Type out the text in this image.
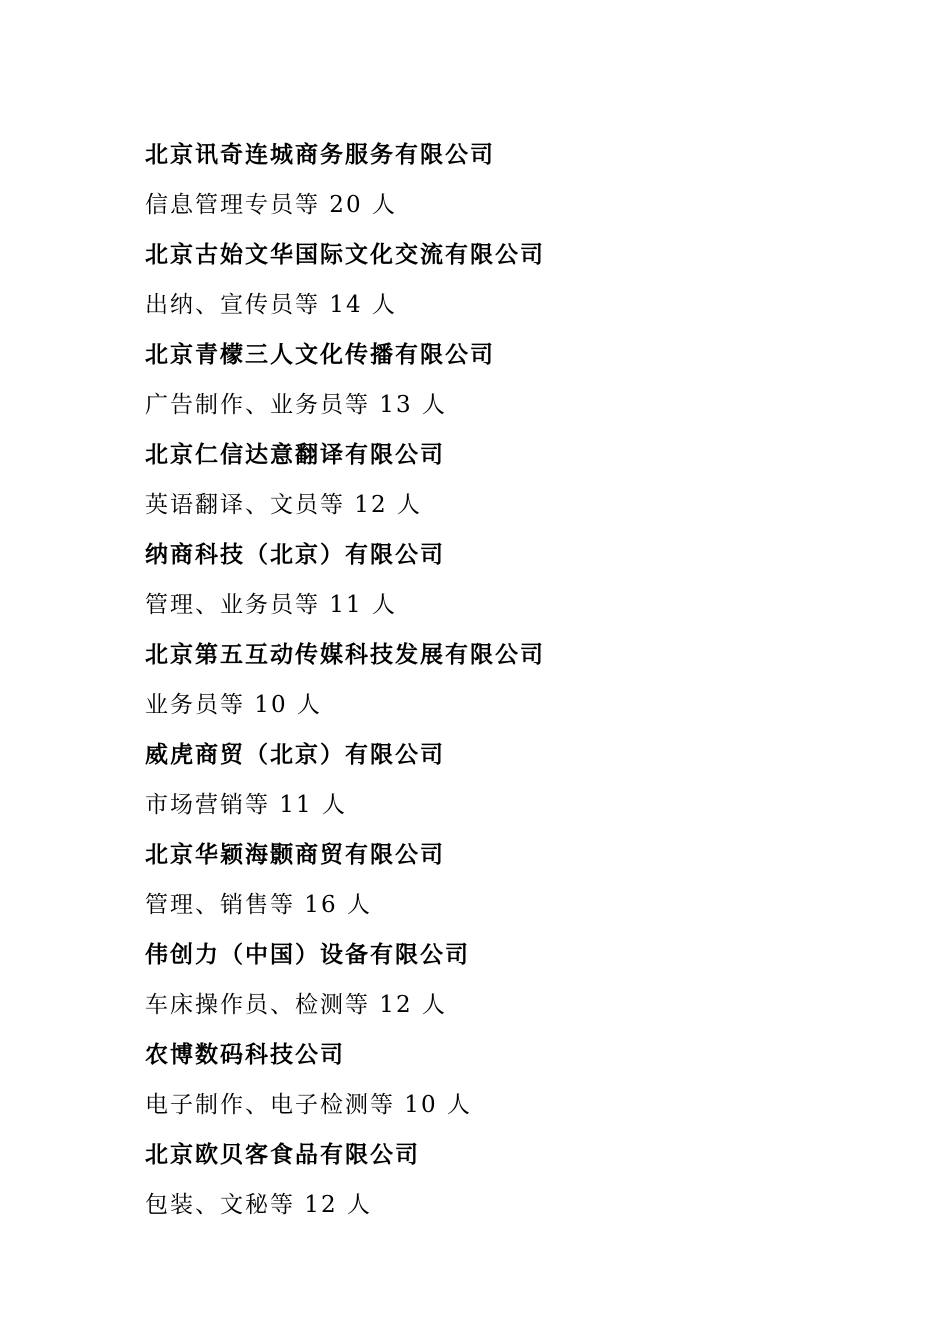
北京讯奇连城商务服务有限公司
信息管理专员等 20 人
北京古始文华国际文化交流有限公司
出纳、宣传员等 14 人
北京青檬三人文化传播有限公司
广告制作、业务员等 13 人
北京仁信达意翻译有限公司
英语翻译、文员等 12 人
纳商科技（北京）有限公司
管理、业务员等 11 人
北京第五互动传媒科技发展有限公司
业务员等 10 人
威虎商贸（北京）有限公司
市场营销等 11 人
北京华颖海颢商贸有限公司
管理、销售等 16 人
伟创力（中国）设备有限公司
车床操作员、检测等 12 人
农博数码科技公司
电子制作、电子检测等 10 人
北京欧贝客食品有限公司
包装、文秘等 12 人
